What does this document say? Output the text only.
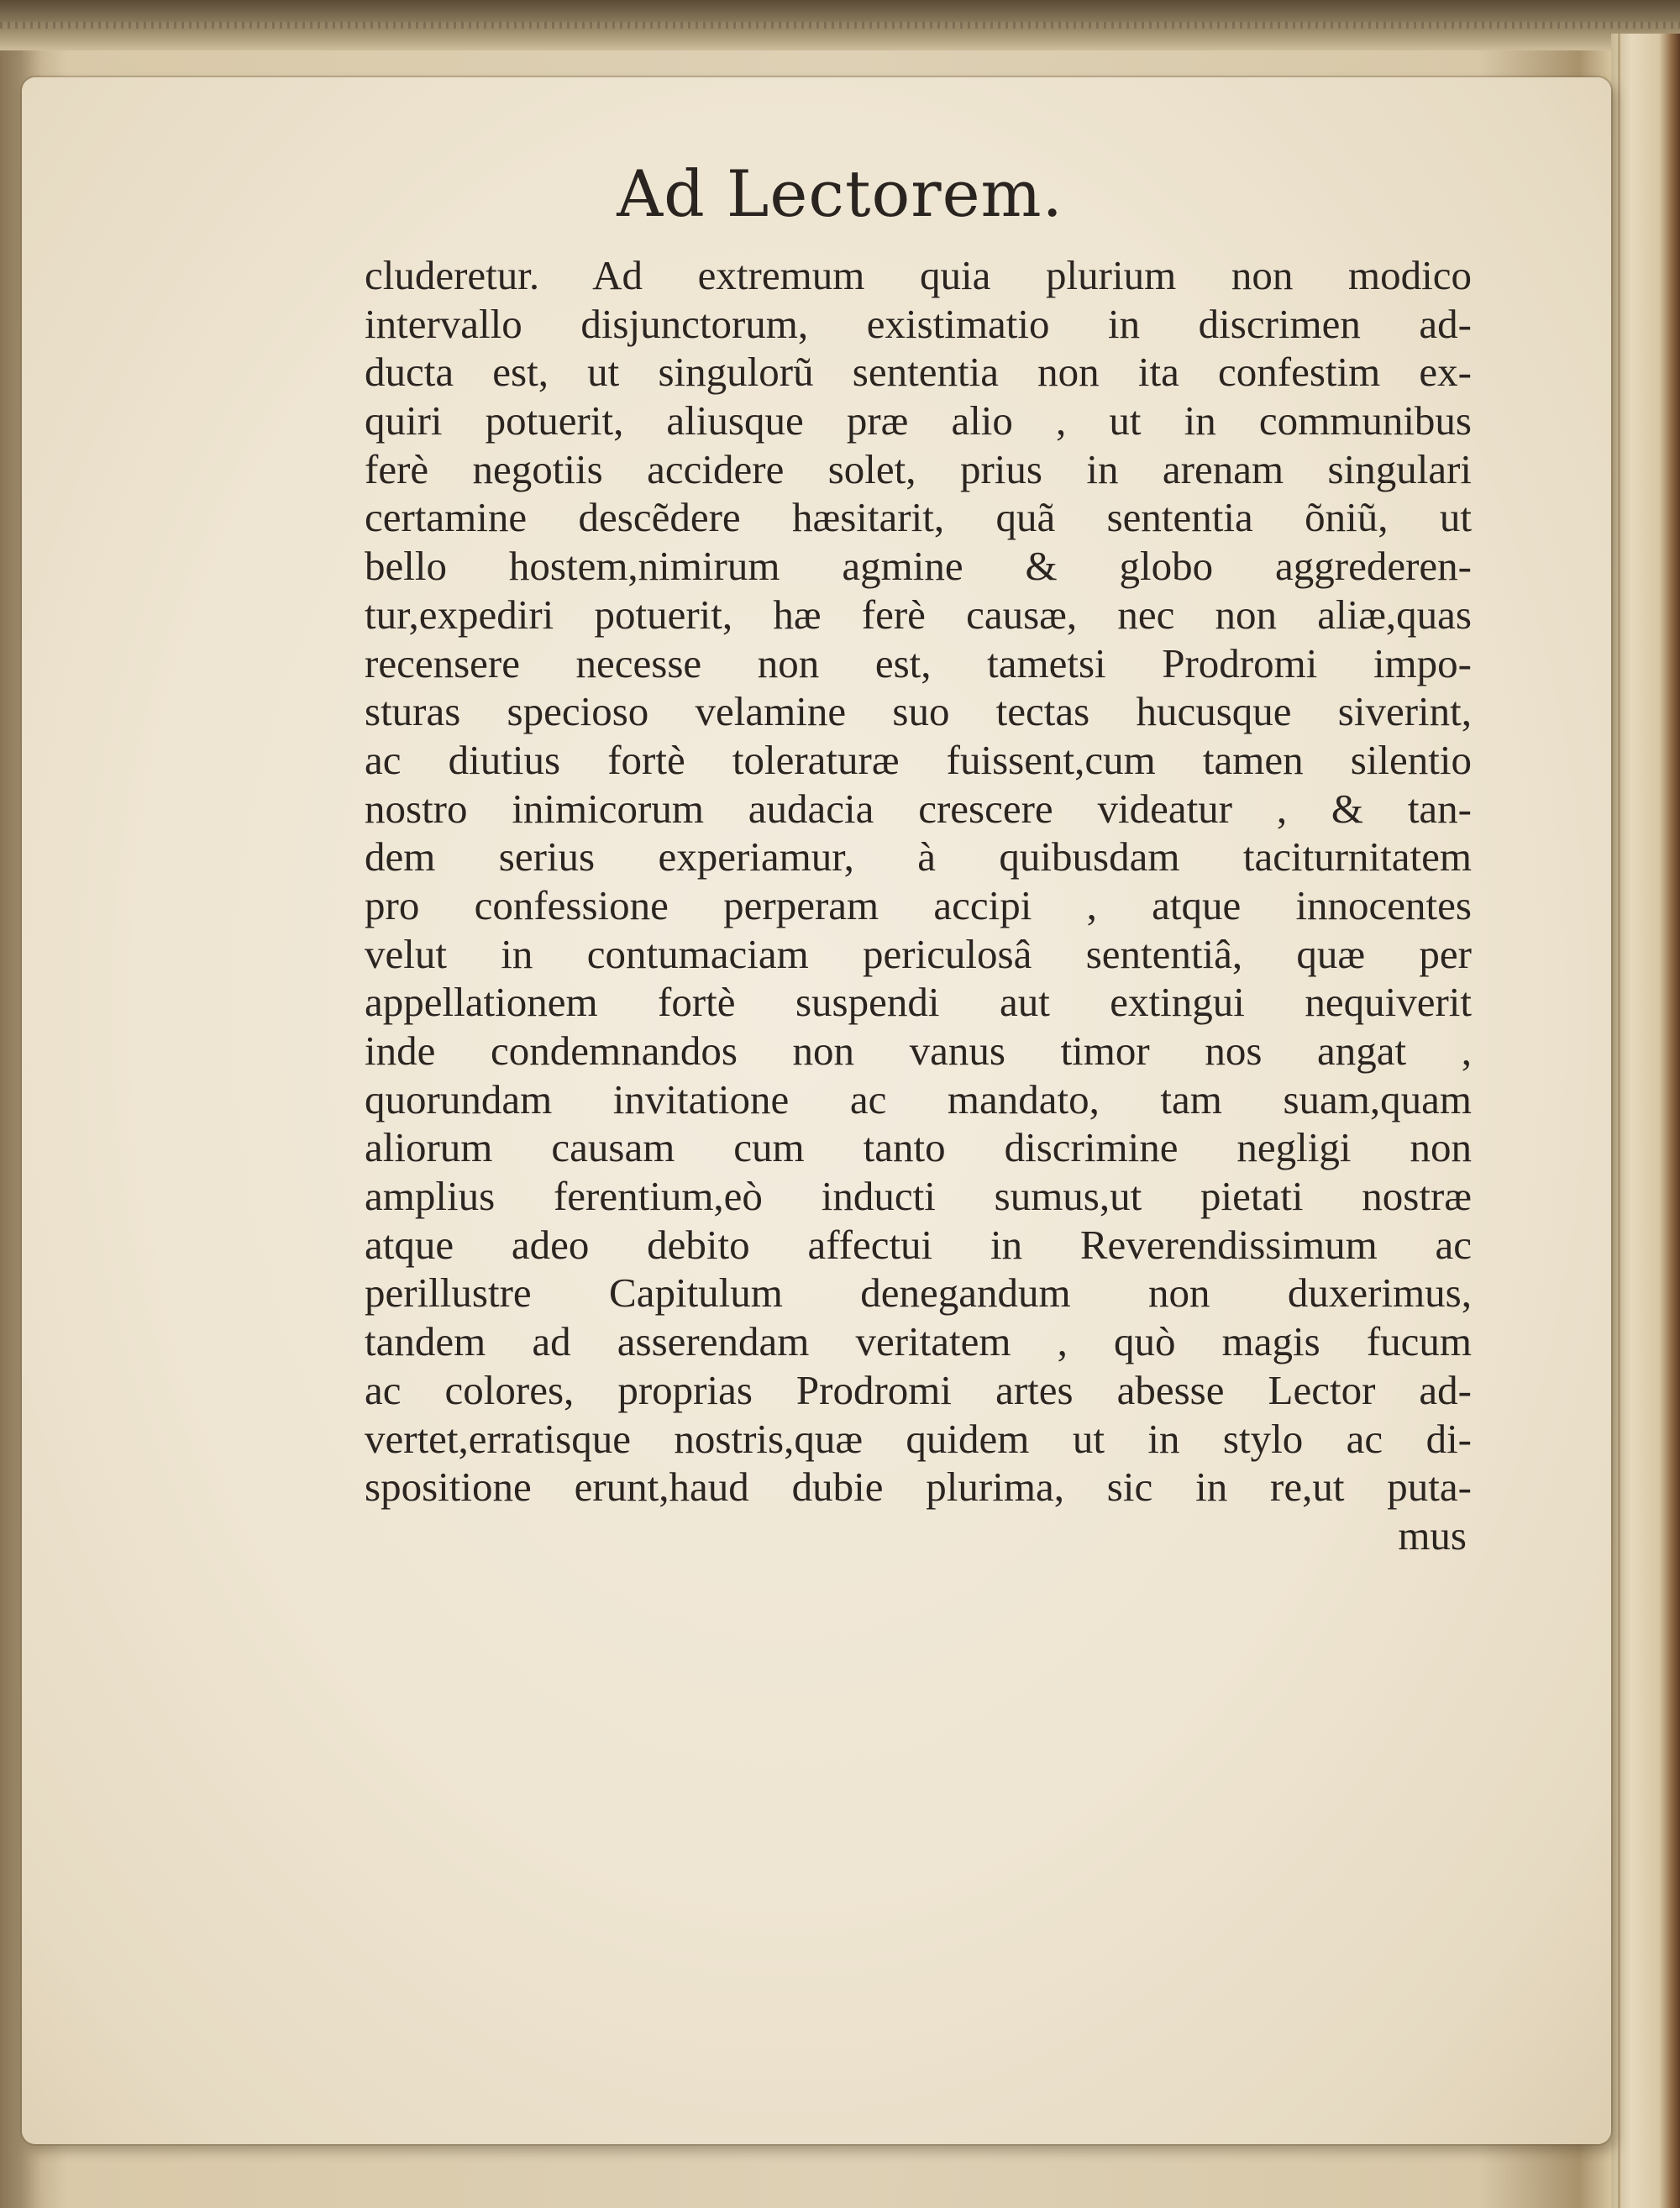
Ad Lectorem.
cluderetur. Ad extremum quia plurium non modico
intervallo disjunctorum, existimatio in discrimen ad-
ducta est, ut singulorũ sententia non ita confestim ex-
quiri potuerit, aliusque præ alio , ut in communibus
ferè negotiis accidere solet, prius in arenam singulari
certamine descẽdere hæsitarit, quã sententia õniũ, ut
bello hostem,nimirum agmine & globo aggrederen-
tur,expediri potuerit, hæ ferè causæ, nec non aliæ,quas
recensere necesse non est, tametsi Prodromi impo-
sturas specioso velamine suo tectas hucusque siverint,
ac diutius fortè toleraturæ fuissent,cum tamen silentio
nostro inimicorum audacia crescere videatur , & tan-
dem serius experiamur, à quibusdam taciturnitatem
pro confessione perperam accipi , atque innocentes
velut in contumaciam periculosâ sententiâ, quæ per
appellationem fortè suspendi aut extingui nequiverit
inde condemnandos non vanus timor nos angat ,
quorundam invitatione ac mandato, tam suam,quam
aliorum causam cum tanto discrimine negligi non
amplius ferentium,eò inducti sumus,ut pietati nostræ
atque adeo debito affectui in Reverendissimum ac
perillustre Capitulum denegandum non duxerimus,
tandem ad asserendam veritatem , quò magis fucum
ac colores, proprias Prodromi artes abesse Lector ad-
vertet,erratisque nostris,quæ quidem ut in stylo ac di-
spositione erunt,haud dubie plurima, sic in re,ut puta-
mus
